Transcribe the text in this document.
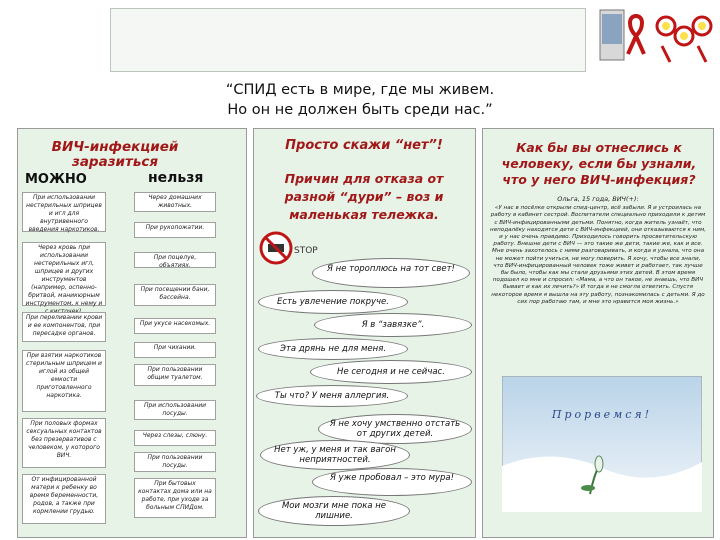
“СПИД есть в мире, где мы живем.
Но он не должен быть среди нас.”
ВИЧ-инфекцией заразиться
МОЖНО	нельзя
При использовании нестерильных шприцев и игл для внутривенного введения наркотиков.
Через кровь при использовании нестерильных игл, шприцев и других инструментов (например, оспенно-бритвой, маникюрным инструментом, к нему и
При переливании крови и ее компонентов, при пересадке органов.
При взятии наркотиков стерильным шприцем и иглой из общей емкости приготовленного наркотика.
При половых формах сексуальных контактов без презервативов с человеком, у которого ВИЧ.
От инфицированной матери к ребенку во время беременности, родов, а также при кормлении грудью.
Через домашних животных.
При рукопожатии.
При поцелуе, объятиях.
При посещении бани, бассейна.
При укусе насекомых.
При чихании.
При пользовании общим туалетом.
При использовании посуды.
Через слезы, слюну.
При пользовании посуды.
При бытовых контактах дома или на работе, при уходе за больным СПИДом.
Просто скажи “нет”!
Причин для отказа от разной “дури” – воз и маленькая тележка.
STOP
Я не тороплюсь на тот свет!
Есть увлечение покруче.
Я в “завязке”.
Эта дрянь не для меня.
Не сегодня и не сейчас.
Ты что? У меня аллергия.
Я не хочу умственно отстать от других детей.
Нет уж, у меня и так вагон неприятностей.
Я уже пробовал – это мура!
Мои мозги мне пока не лишние.
Как бы вы отнеслись к человеку, если бы узнали, что у него ВИЧ-инфекция?
Ольга, 15 года, ВИЧ(+):
«У нас в посёлке открыли спид-центр, всё забыли. Я и устроилась на работу в кабинет сестрой. Воспитатели специально приходили к детям с ВИЧ-инфицированными детьми. Понятно, когда житель узнаёт, что неподалёку находятся дети с ВИЧ-инфекцией, они отказываются к ним, и у нас очень правдиво. Приходилось говорить просветительскую работу. Внешне дети с ВИЧ — это такие же дети, такие же, как и все. Мне очень захотелось с ними разговаривать, и когда я узнала, что она не может пойти учиться, не могу поверить. Я хочу, чтобы все знали, что ВИЧ-инфицированный человек тоже живет и работает, так лучше бы было, чтобы как мы стали друзьями этих детей. В этом время подошел ко мне и спросил: «Мама, а что он такое, не знаешь, что ВИЧ бывает и как их лечить?» И тогда я не смогла ответить. Спустя некоторое время я вышла на эту работу, познакомилась с детьми. Я до сих пор работаю там, и мне это нравится моя жизнь.»
Прорвемся!
